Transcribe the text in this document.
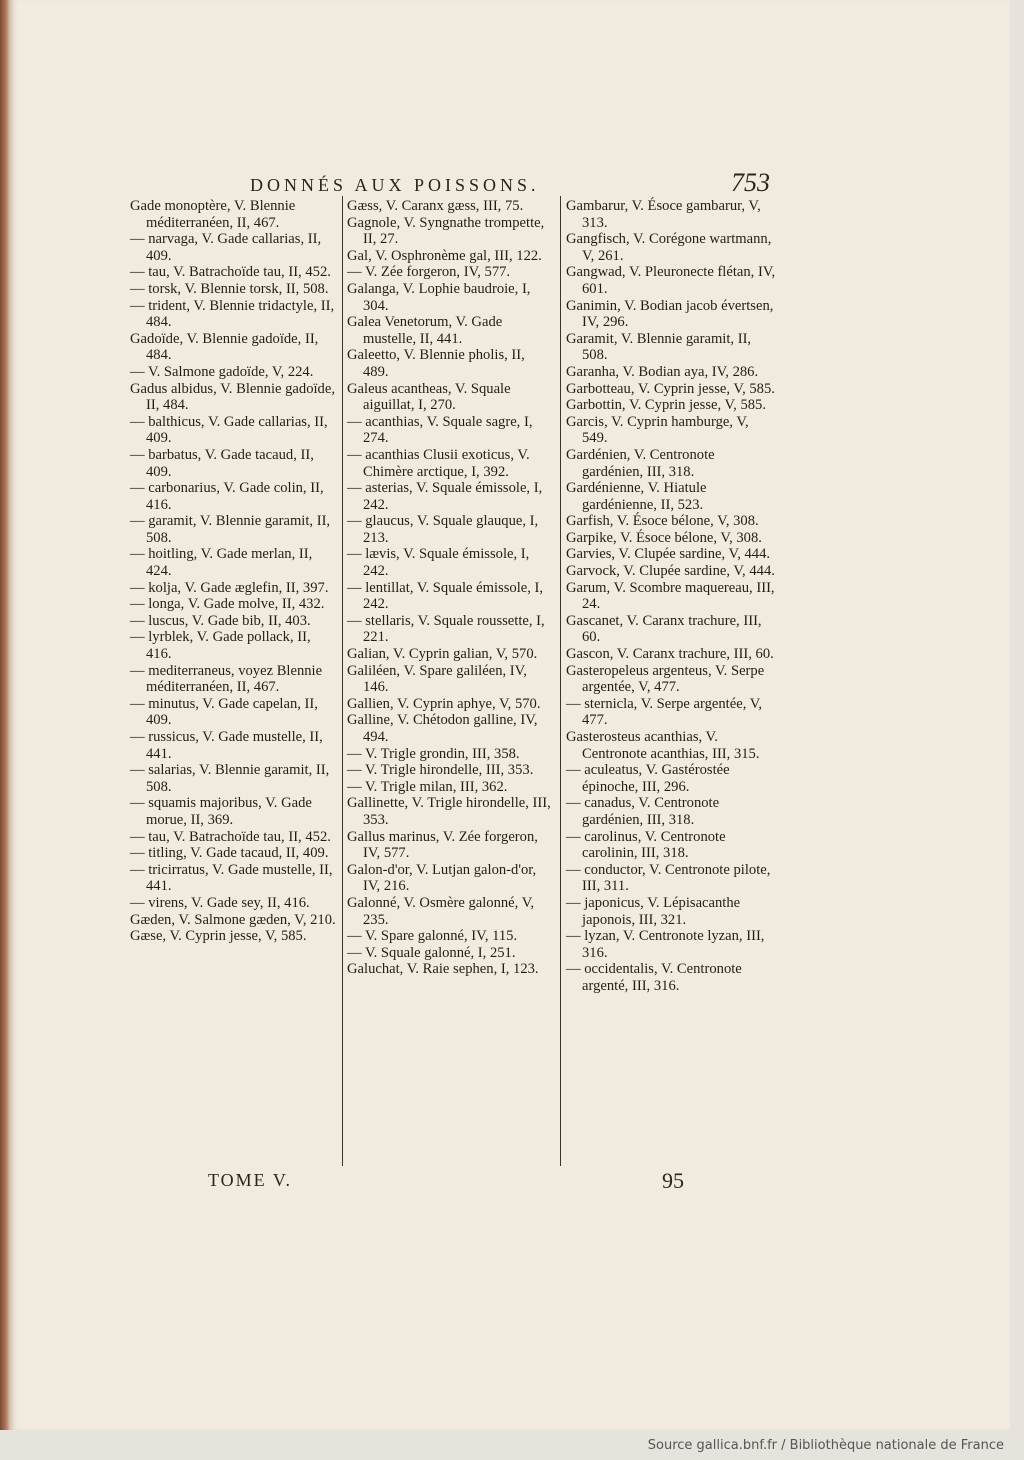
DONNÉS AUX POISSONS.	753

Gade monoptère, V. Blennie méditerranéen, II, 467.

— narvaga, V. Gade callarias, II, 409.

— tau, V. Batrachoïde tau, II, 452.

— torsk, V. Blennie torsk, II, 508.

— trident, V. Blennie tridactyle, II, 484.

Gadoïde, V. Blennie gadoïde, II, 484.

— V. Salmone gadoïde, V, 224.

Gadus albidus, V. Blennie gadoïde, II, 484.

— balthicus, V. Gade callarias, II, 409.

— barbatus, V. Gade tacaud, II, 409.

— carbonarius, V. Gade colin, II, 416.

— garamit, V. Blennie garamit, II, 508.

— hoitling, V. Gade merlan, II, 424.

— kolja, V. Gade æglefin, II, 397.

— longa, V. Gade molve, II, 432.

— luscus, V. Gade bib, II, 403.

— lyrblek, V. Gade pollack, II, 416.

— mediterraneus, voyez Blennie méditerranéen, II, 467.

— minutus, V. Gade capelan, II, 409.

— russicus, V. Gade mustelle, II, 441.

— salarias, V. Blennie garamit, II, 508.

— squamis majoribus, V. Gade morue, II, 369.

— tau, V. Batrachoïde tau, II, 452.

— titling, V. Gade tacaud, II, 409.

— tricirratus, V. Gade mustelle, II, 441.

— virens, V. Gade sey, II, 416.

Gæden, V. Salmone gæden, V, 210.

Gæse, V. Cyprin jesse, V, 585.

Gæss, V. Caranx gæss, III, 75.

Gagnole, V. Syngnathe trompette, II, 27.

Gal, V. Osphronème gal, III, 122.

— V. Zée forgeron, IV, 577.

Galanga, V. Lophie baudroie, I, 304.

Galea Venetorum, V. Gade mustelle, II, 441.

Galeetto, V. Blennie pholis, II, 489.

Galeus acantheas, V. Squale aiguillat, I, 270.

— acanthias, V. Squale sagre, I, 274.

— acanthias Clusii exoticus, V. Chimère arctique, I, 392.

— asterias, V. Squale émissole, I, 242.

— glaucus, V. Squale glauque, I, 213.

— lævis, V. Squale émissole, I, 242.

— lentillat, V. Squale émissole, I, 242.

— stellaris, V. Squale roussette, I, 221.

Galian, V. Cyprin galian, V, 570.

Galiléen, V. Spare galiléen, IV, 146.

Gallien, V. Cyprin aphye, V, 570.

Galline, V. Chétodon galline, IV, 494.

— V. Trigle grondin, III, 358.

— V. Trigle hirondelle, III, 353.

— V. Trigle milan, III, 362.

Gallinette, V. Trigle hirondelle, III, 353.

Gallus marinus, V. Zée forgeron, IV, 577.

Galon-d'or, V. Lutjan galon-d'or, IV, 216.

Galonné, V. Osmère galonné, V, 235.

— V. Spare galonné, IV, 115.

— V. Squale galonné, I, 251.

Galuchat, V. Raie sephen, I, 123.

Gambarur, V. Ésoce gambarur, V, 313.

Gangfisch, V. Corégone wartmann, V, 261.

Gangwad, V. Pleuronecte flétan, IV, 601.

Ganimin, V. Bodian jacob évertsen, IV, 296.

Garamit, V. Blennie garamit, II, 508.

Garanha, V. Bodian aya, IV, 286.

Garbotteau, V. Cyprin jesse, V, 585.

Garbottin, V. Cyprin jesse, V, 585.

Garcis, V. Cyprin hamburge, V, 549.

Gardénien, V. Centronote gardénien, III, 318.

Gardénienne, V. Hiatule gardénienne, II, 523.

Garfish, V. Ésoce bélone, V, 308.

Garpike, V. Ésoce bélone, V, 308.

Garvies, V. Clupée sardine, V, 444.

Garvock, V. Clupée sardine, V, 444.

Garum, V. Scombre maquereau, III, 24.

Gascanet, V. Caranx trachure, III, 60.

Gascon, V. Caranx trachure, III, 60.

Gasteropeleus argenteus, V. Serpe argentée, V, 477.

— sternicla, V. Serpe argentée, V, 477.

Gasterosteus acanthias, V. Centronote acanthias, III, 315.

— aculeatus, V. Gastérostée épinoche, III, 296.

— canadus, V. Centronote gardénien, III, 318.

— carolinus, V. Centronote carolinin, III, 318.

— conductor, V. Centronote pilote, III, 311.

— japonicus, V. Lépisacanthe japonois, III, 321.

— lyzan, V. Centronote lyzan, III, 316.

— occidentalis, V. Centronote argenté, III, 316.

TOME V.	95
Source gallica.bnf.fr / Bibliothèque nationale de France
